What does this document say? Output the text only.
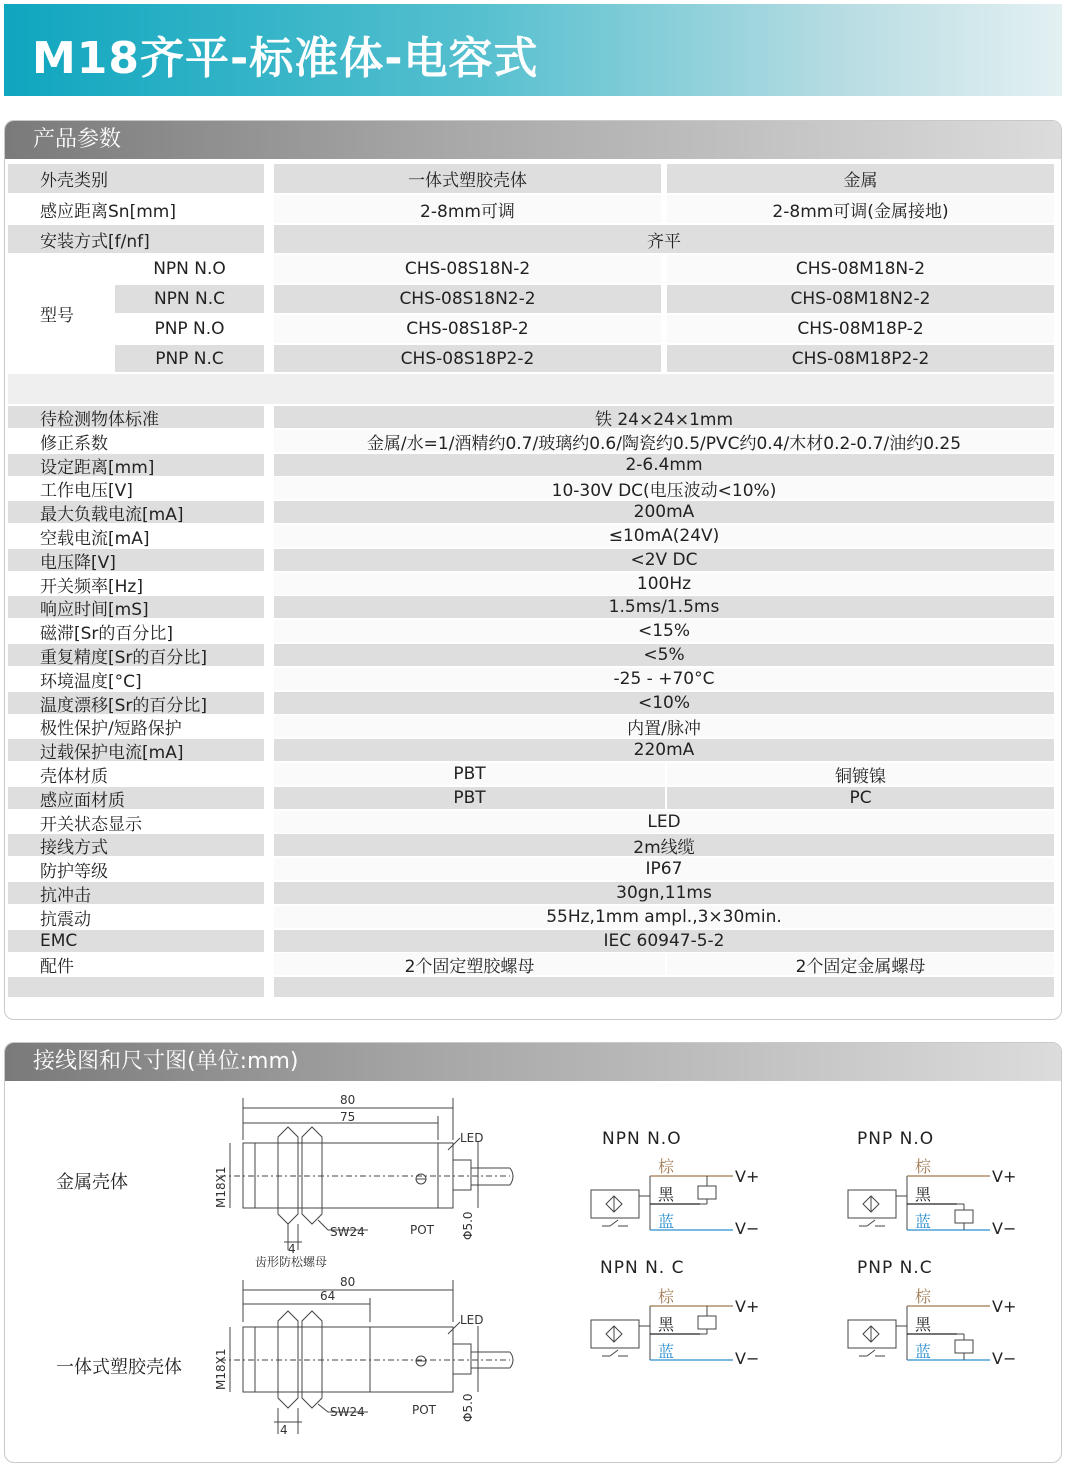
M18齐平-标准体-电容式
产品参数
外壳类别	一体式塑胶壳体	金属
感应距离Sn[mm]	2-8mm可调	2-8mm可调(金属接地)
安装方式[f/nf]	齐平
型号
NPN N.O	CHS-08S18N-2	CHS-08M18N-2
NPN N.C	CHS-08S18N2-2	CHS-08M18N2-2
PNP N.O	CHS-08S18P-2	CHS-08M18P-2
PNP N.C	CHS-08S18P2-2	CHS-08M18P2-2
待检测物体标准	铁 24×24×1mm
修正系数	金属/水=1/酒精约0.7/玻璃约0.6/陶瓷约0.5/PVC约0.4/木材0.2-0.7/油约0.25
设定距离[mm]	2-6.4mm
工作电压[V]	10-30V DC(电压波动<10%)
最大负载电流[mA]	200mA
空载电流[mA]	≤10mA(24V)
电压降[V]	<2V DC
开关频率[Hz]	100Hz
响应时间[mS]	1.5ms/1.5ms
磁滞[Sr的百分比]	<15%
重复精度[Sr的百分比]	<5%
环境温度[°C]	-25 - +70°C
温度漂移[Sr的百分比]	<10%
极性保护/短路保护	内置/脉冲
过载保护电流[mA]	220mA
壳体材质	PBT	铜镀镍
感应面材质	PBT	PC
开关状态显示	LED
接线方式	2m线缆
防护等级	IP67
抗冲击	30gn,11ms
抗震动	55Hz,1mm ampl.,3×30min.
EMC	IEC 60947-5-2
配件	2个固定塑胶螺母	2个固定金属螺母
接线图和尺寸图(单位:mm)
金属壳体
一体式塑胶壳体
80
75
LED
SW24	POT
4
齿形防松螺母
M18X1
Φ5.0
80
64
LED
SW24	POT
4
M18X1
Φ5.0
NPN N.O	PNP N.O
NPN N. C	PNP N.C
棕
黑
蓝
V+
V−
棕
黑
蓝
V+
V−
棕
黑
蓝
V+
V−
棕
黑
蓝
V+
V−
